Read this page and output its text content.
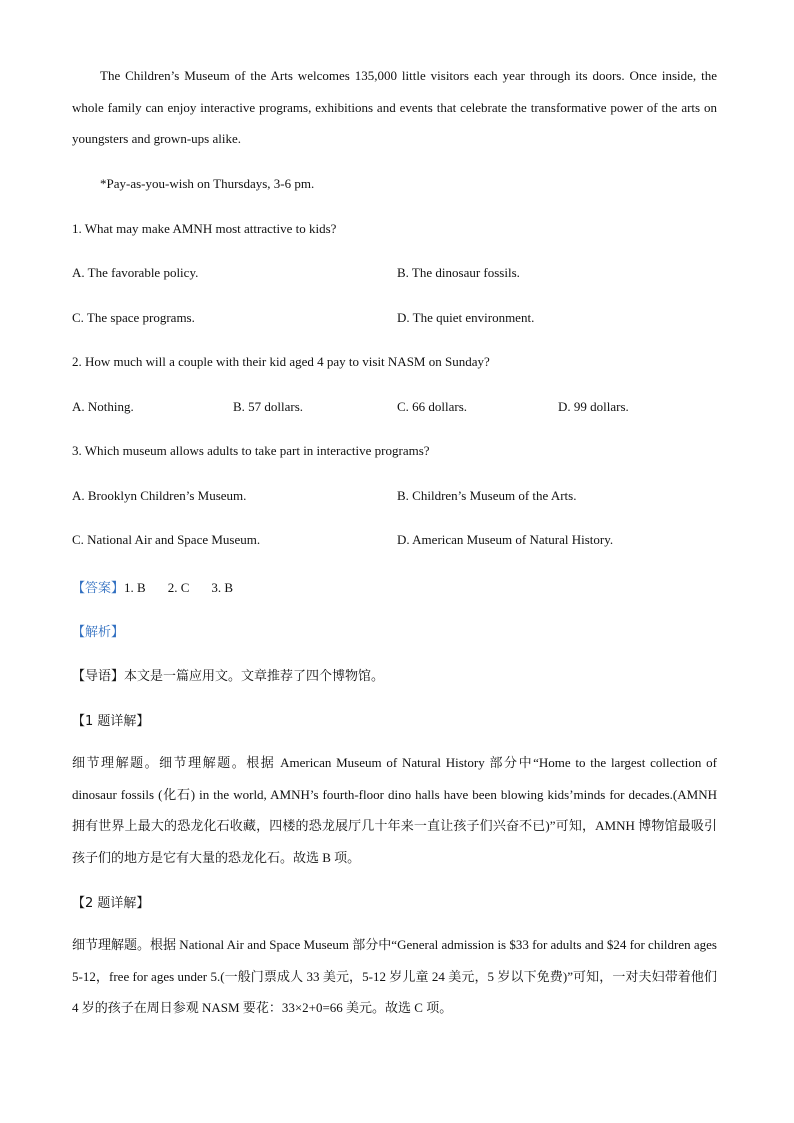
The Children’s Museum of the Arts welcomes 135,000 little visitors each year through its doors. Once inside, the whole family can enjoy interactive programs, exhibitions and events that celebrate the transformative power of the arts on youngsters and grown-ups alike.

*Pay-as-you-wish on Thursdays, 3-6 pm.

1. What may make AMNH most attractive to kids?

A. The favorable policy.	B. The dinosaur fossils.
C. The space programs.	D. The quiet environment.

2. How much will a couple with their kid aged 4 pay to visit NASM on Sunday?

A. Nothing.	B. 57 dollars.	C. 66 dollars.	D. 99 dollars.

3. Which museum allows adults to take part in interactive programs?

A. Brooklyn Children’s Museum.	B. Children’s Museum of the Arts.
C. National Air and Space Museum.	D. American Museum of Natural History.

【答案】1. B 2. C 3. B

【解析】

【导语】本文是一篇应用文。文章推荐了四个博物馆。

【1 题详解】

细节理解题。细节理解题。根据 American Museum of Natural History 部分中“Home to the largest collection of dinosaur fossils (化石) in the world, AMNH’s fourth-floor dino halls have been blowing kids’minds for decades.(AMNH 拥有世界上最大的恐龙化石收藏，四楼的恐龙展厅几十年来一直让孩子们兴奋不已)”可知，AMNH 博物馆最吸引孩子们的地方是它有大量的恐龙化石。故选 B 项。

【2 题详解】

细节理解题。根据 National Air and Space Museum 部分中“General admission is $33 for adults and $24 for children ages 5-12，free for ages under 5.(一般门票成人 33 美元，5-12 岁儿童 24 美元，5 岁以下免费)”可知，一对夫妇带着他们 4 岁的孩子在周日参观 NASM 要花：33×2+0=66 美元。故选 C 项。
